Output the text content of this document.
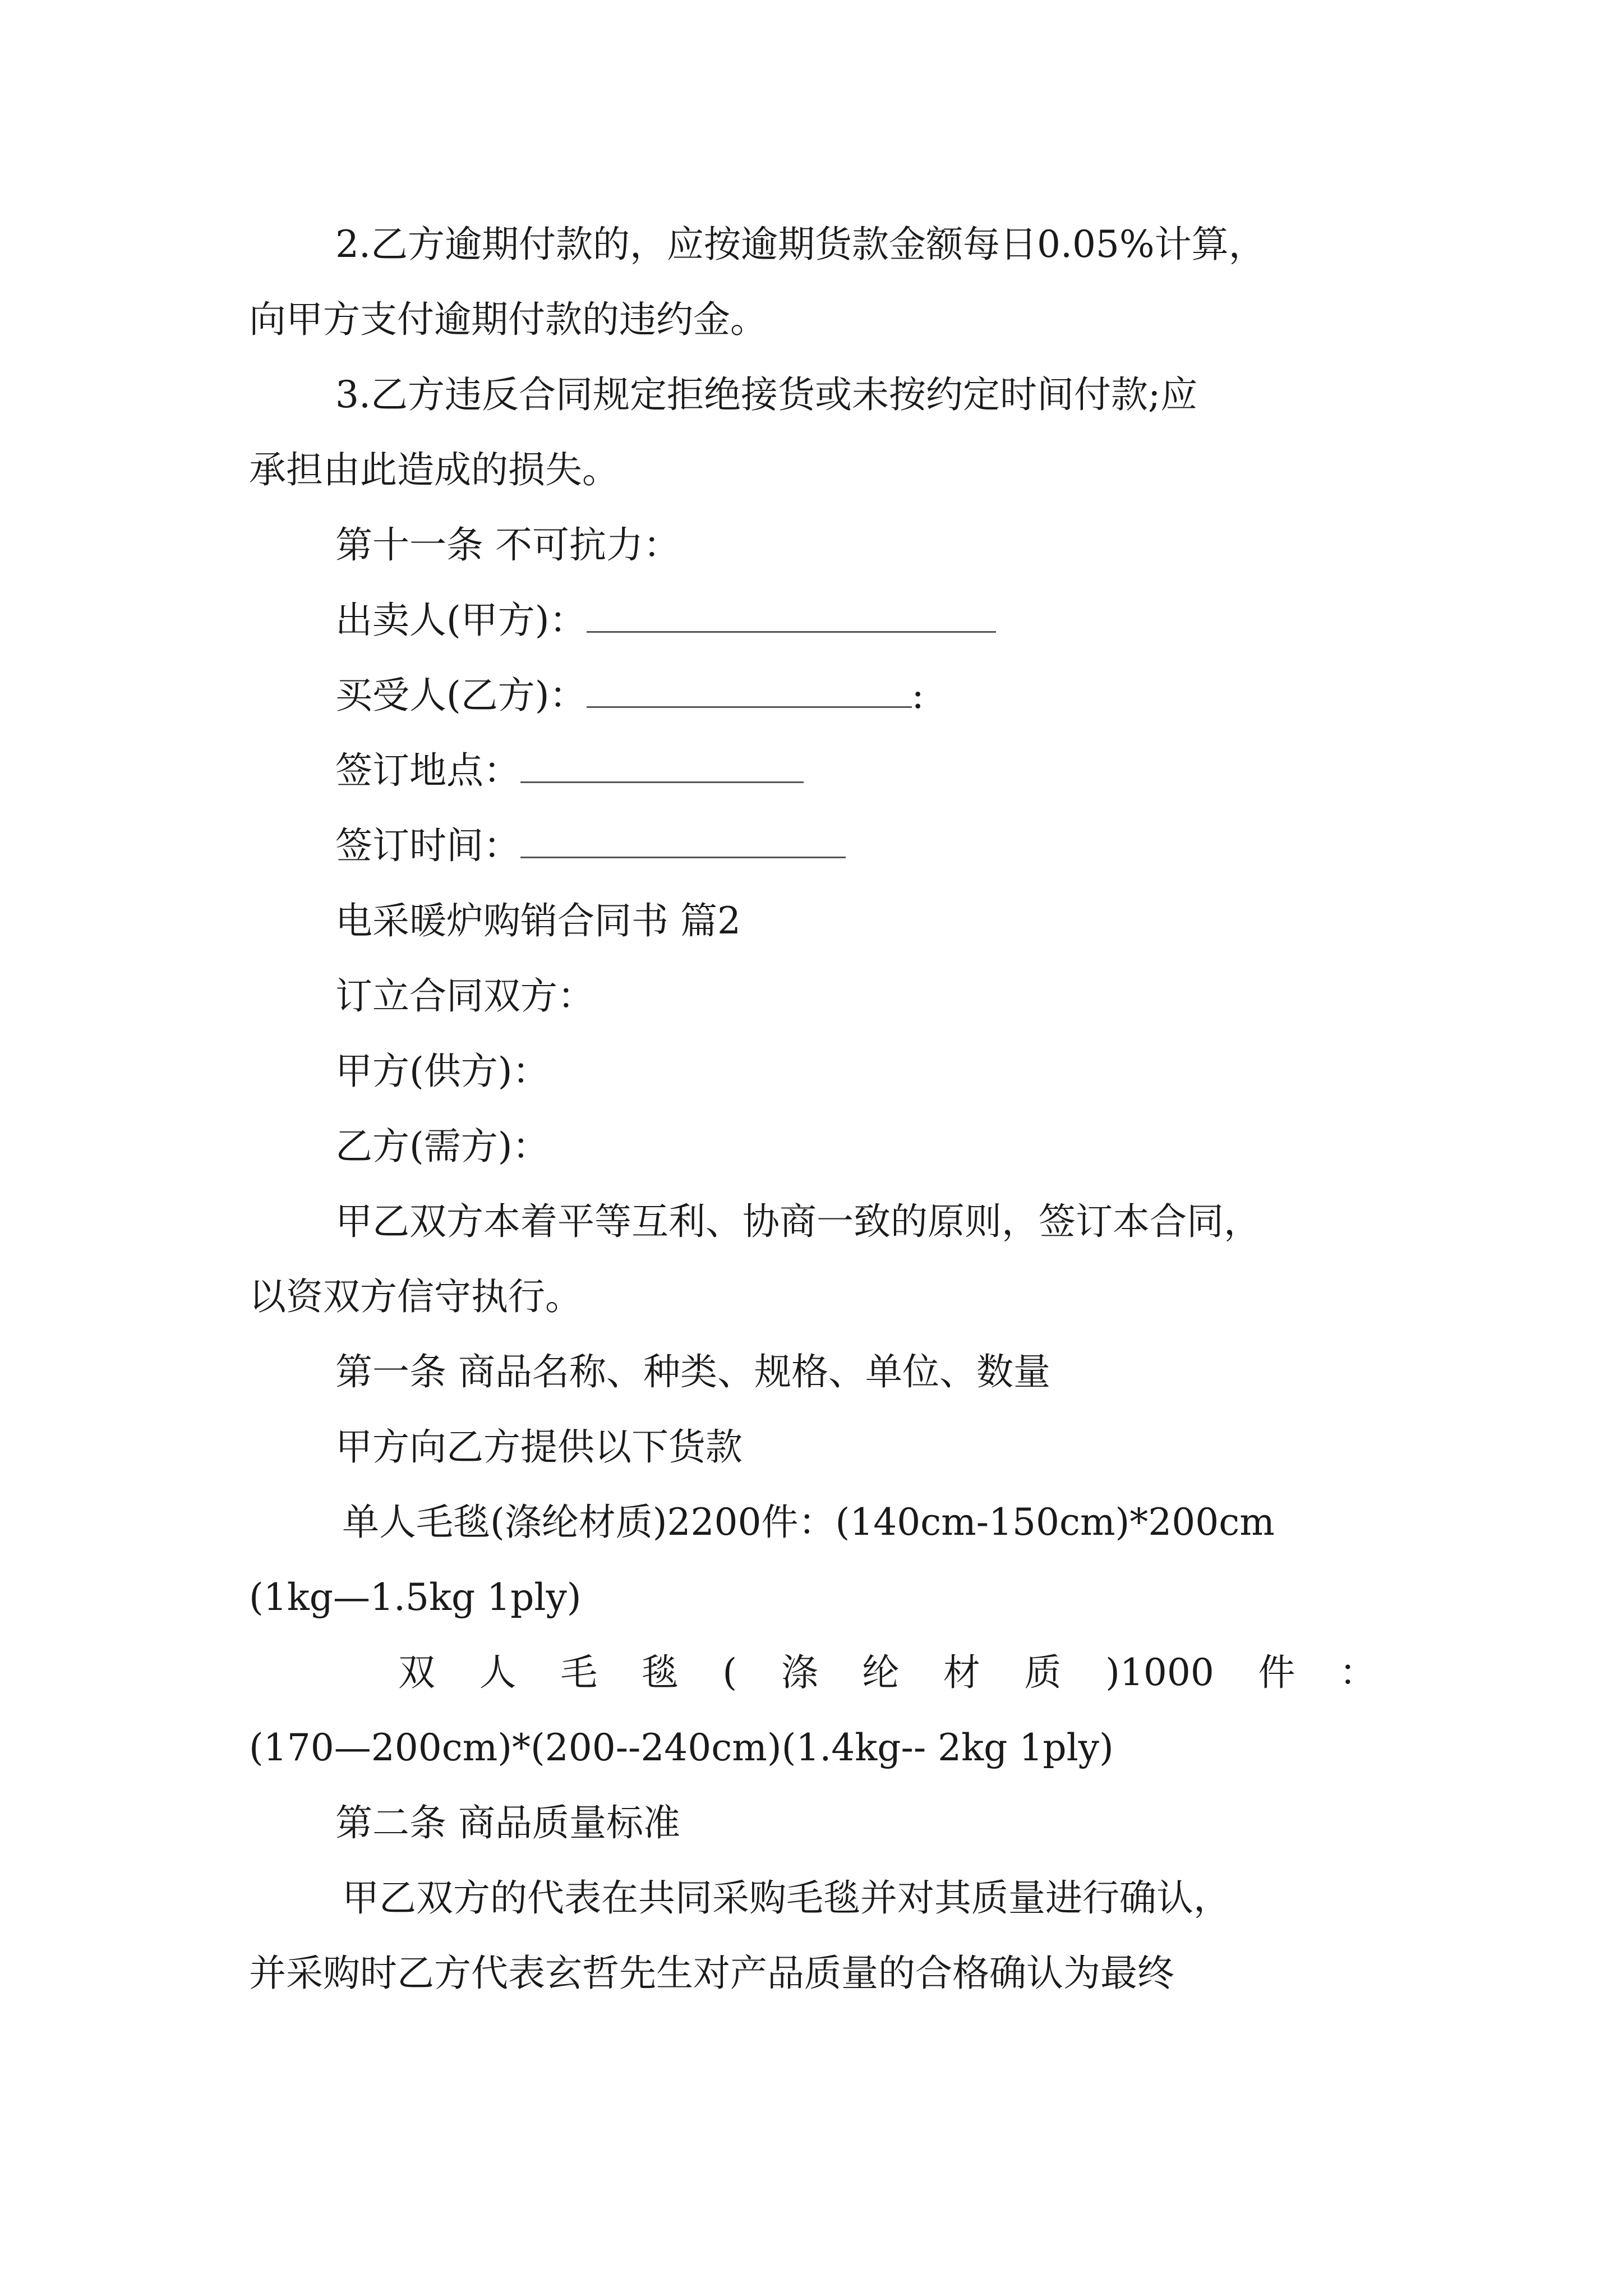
2.乙方逾期付款的，应按逾期货款金额每日0.05%计算，
向甲方支付逾期付款的违约金。
3.乙方违反合同规定拒绝接货或未按约定时间付款;应
承担由此造成的损失。
第十一条 不可抗力：
出卖人(甲方)：
买受人(乙方)：	:
签订地点：
签订时间：
电采暖炉购销合同书 篇2
订立合同双方：
甲方(供方)：
乙方(需方)：
甲乙双方本着平等互利、协商一致的原则，签订本合同，
以资双方信守执行。
第一条 商品名称、种类、规格、单位、数量
甲方向乙方提供以下货款
单人毛毯(涤纶材质)2200件：(140cm-150cm)*200cm
(1kg—1.5kg 1ply)
双 人 毛 毯 ( 涤 纶 材 质 )1000 件 ：
(170—200cm)*(200--240cm)(1.4kg-- 2kg 1ply)
第二条 商品质量标准
甲乙双方的代表在共同采购毛毯并对其质量进行确认，
并采购时乙方代表玄哲先生对产品质量的合格确认为最终
